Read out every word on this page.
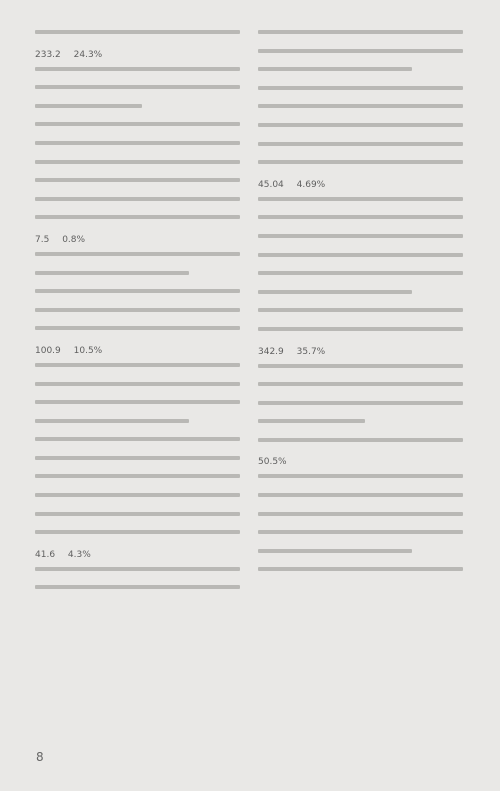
233.2 24.3%
7.5 0.8%
100.9 10.5%
41.6 4.3%
45.04 4.69%
342.9 35.7%
50.5%
8
